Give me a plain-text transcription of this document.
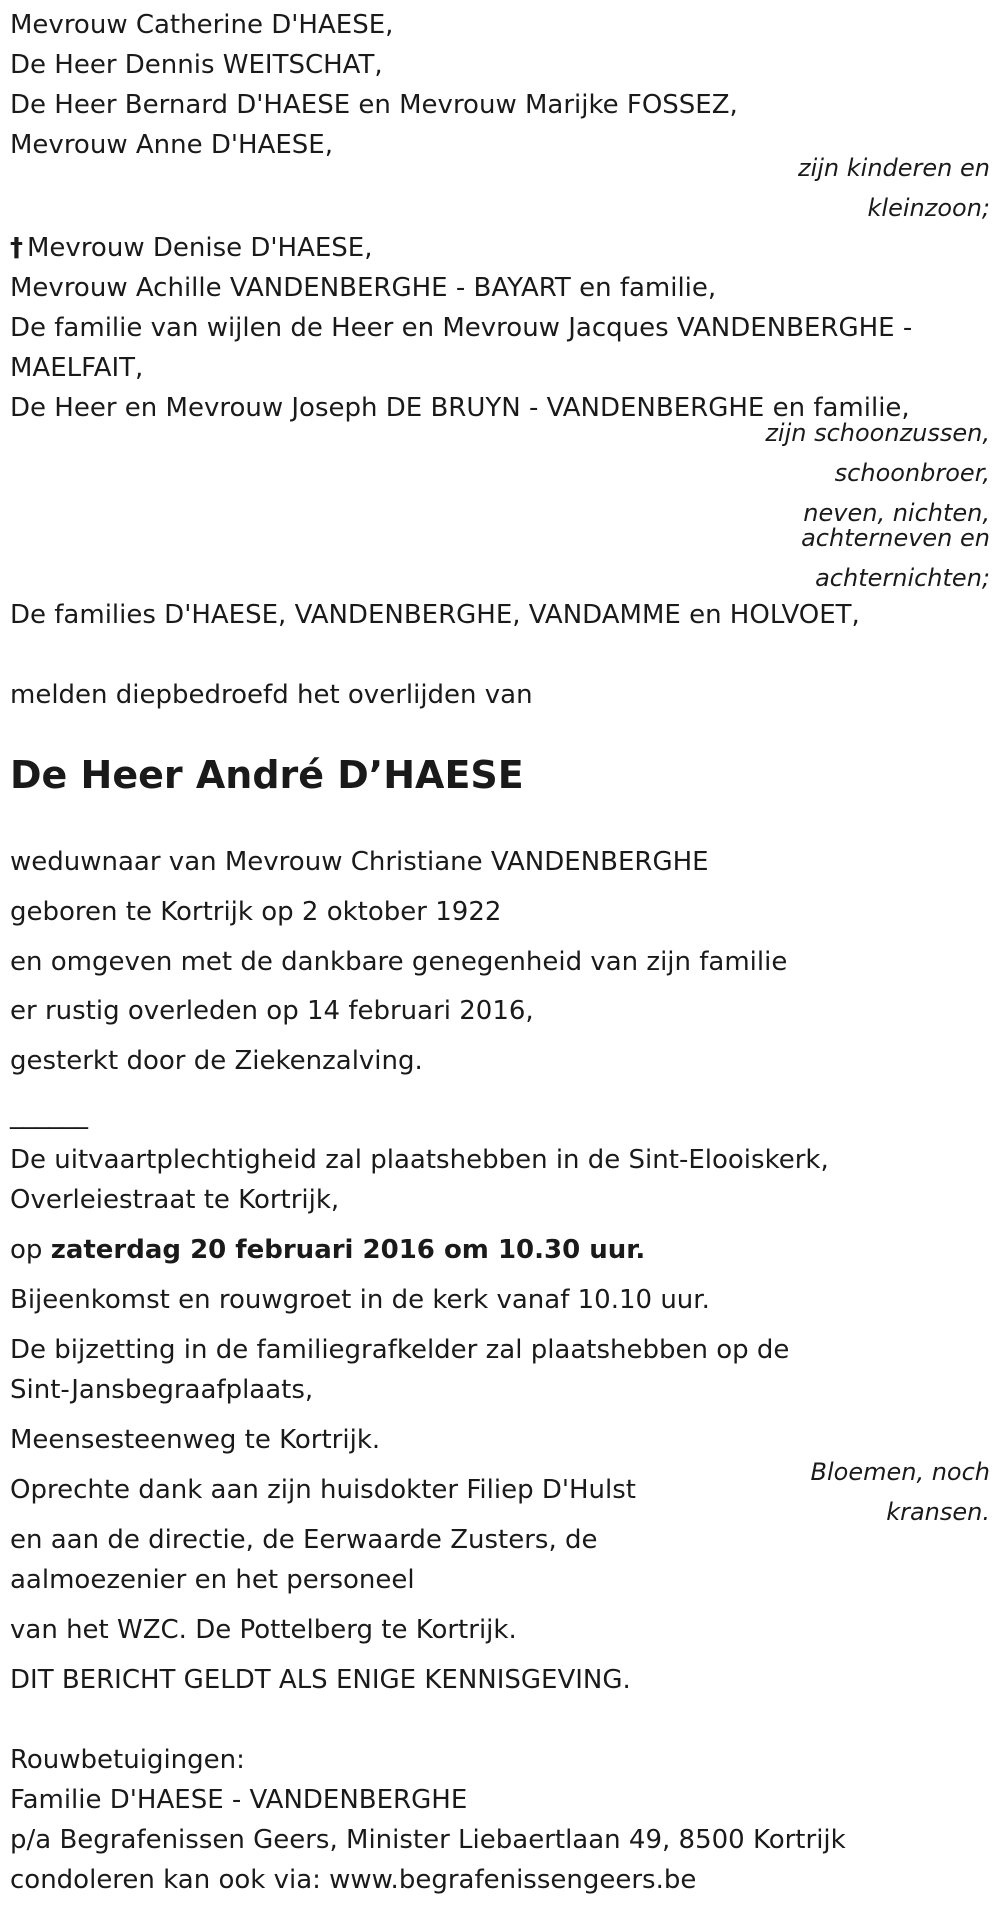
Mevrouw Catherine D'HAESE,
De Heer Dennis WEITSCHAT,
De Heer Bernard D'HAESE en Mevrouw Marijke FOSSEZ,
Mevrouw Anne D'HAESE,
zijn kinderen en
kleinzoon;
† Mevrouw Denise D'HAESE,
Mevrouw Achille VANDENBERGHE - BAYART en familie,
De familie van wijlen de Heer en Mevrouw Jacques VANDENBERGHE -
MAELFAIT,
De Heer en Mevrouw Joseph DE BRUYN - VANDENBERGHE en familie,
zijn schoonzussen,
schoonbroer,
neven, nichten,
achterneven en
achternichten;
De families D'HAESE, VANDENBERGHE, VANDAMME en HOLVOET,
melden diepbedroefd het overlijden van
De Heer André D’HAESE
weduwnaar van Mevrouw Christiane VANDENBERGHE
geboren te Kortrijk op 2 oktober 1922
en omgeven met de dankbare genegenheid van zijn familie
er rustig overleden op 14 februari 2016,
gesterkt door de Ziekenzalving.
______
De uitvaartplechtigheid zal plaatshebben in de Sint-Elooiskerk,
Overleiestraat te Kortrijk,
op zaterdag 20 februari 2016 om 10.30 uur.
Bijeenkomst en rouwgroet in de kerk vanaf 10.10 uur.
De bijzetting in de familiegrafkelder zal plaatshebben op de
Sint-Jansbegraafplaats,
Meensesteenweg te Kortrijk.
Oprechte dank aan zijn huisdokter Filiep D'Hulst
en aan de directie, de Eerwaarde Zusters, de
aalmoezenier en het personeel
van het WZC. De Pottelberg te Kortrijk.
Bloemen, noch
kransen.
DIT BERICHT GELDT ALS ENIGE KENNISGEVING.
Rouwbetuigingen:
Familie D'HAESE - VANDENBERGHE
p/a Begrafenissen Geers, Minister Liebaertlaan 49, 8500 Kortrijk
condoleren kan ook via: www.begrafenissengeers.be
